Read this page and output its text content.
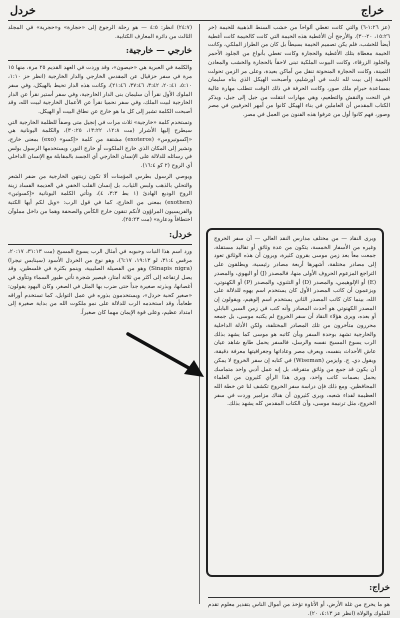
خراج
خردل

(عز ١:٢٦-٦) والتي كانت تغطي ألواحاً من خشب السنط الذهبية للخيمة (خر ١٥:٢٦، ٢٠-٣٠). والأرجح أن الأغطية هذه الخيمة التي كانت كالخيمة كانت أغطية أيضاً للخشب، فلم يكن تصميم الخيمة بسيطاً بل كان من الطراز الملكي، وكانت الخيمة مغطاة بتلك الأغطية والحجارة وكانت تغطي بأنواع من الجلود الأحمر والجلود الزرقاء، وكانت البيوت الملكية تبنى لاحقاً بالحجارة والخشب والمعادن الثمينة، وكانت الحجارة المنحوتة تنقل من أماكن بعيدة، وعلى مر الزمن تحولت الخيمة إلى بيت لله ثابت في أورشليم، وأصبحت الهيكل الذي بناه سليمان بمساعدة حيرام ملك صور، وكانت الحرفة في ذلك الوقت تتطلب مهارة عالية في النحت والنقش والتطعيم، وهي مهارات انتقلت من جيل إلى جيل، ويذكر الكتاب المقدس أن العاملين في بناء الهيكل كانوا من أمهر الحرفيين في مصر وصور، فهم كانوا أول من عرفوا هذه الفنون من العمل في مصر.

ويرى النقاد — من مختلف مدارس النقد العالي — أن سفر الخروج وغيره من الأسفار الخمسة، يتكون من عدة وثائق أو تقاليد مستقلة، جمعت معاً بعد زمن موسى بقرون كثيرة، ويرون أن هذه الوثائق تعود إلى مصادر مختلفة، أشهرها أربعة مصادر رئيسية، ويطلقون على التراجع المزعوم الحروف الأولى منها، فالمصدر (J) أو اليهوي، والمصدر (E) أو الإلوهيمي، والمصدر (D) أو التثنوي، والمصدر (P) أو الكهنوتي، ويزعمون أن كاتب المصدر الأول كان يستخدم اسم يهوه للدلالة على الله، بينما كان كاتب المصدر الثاني يستخدم اسم إلوهيم، ويقولون إن المصدر الكهنوتي هو أحدث المصادر وأنه كتب في زمن السبي البابلي أو بعده، ويرى هؤلاء النقاد أن سفر الخروج لم يكتبه موسى، بل جمعه محررون متأخرون من تلك المصادر المختلفة، ولكن الأدلة الداخلية والخارجية تشهد بوحدة السفر وبأن كاتبه هو موسى كما يشهد بذلك الرب يسوع المسيح نفسه والرسل، فالسفر يحمل طابع شاهد عيان عاش الأحداث بنفسه، ويعرف مصر وعاداتها وجغرافيتها معرفة دقيقة، ويقول دي. ج. وايزمن (Wiseman) في كتابه إن سفر الخروج لا يمكن أن يكون قد جمع من وثائق متفرقة، بل إنه عمل أدبي واحد متماسك يحمل بصمات كاتب واحد، ويرى هذا الرأي كثيرون من العلماء المحافظين. ومع ذلك فإن دراسة سفر الخروج تكشف لنا عن خطة الله العظيمة لفداء شعبه، ويرى كثيرون أن هناك مزامير وردت في سفر الخروج، مثل ترنيمة موسى، وأن الكتاب المقدس كله يشهد بذلك.
خراج:
هو ما يخرج من غلة الأرض، أو الأتاوة تؤخذ من أموال الناس بتقدير معلوم تقدم للملوك والولاة (انظر عز ٤:١٣، ٢٠).

(٢٤:٧) انظر: ٤:٥ — هو رحلة الرجوع إلى «حجارة» و«حجرية» في المجلد الثالث من دائرة المعارف الكتابية.

خارجي — خارجية:

والكلمة في العبرية هي «حيصون»، وقد وردت في العهد القديم ٢٥ مرة، منها ١٥ مرة في سفر حزقيال عن المقدس الخارجي والدار الخارجية (انظر حز ١:١٠، ٥:١٠، ٢٠:٤١، ٣:٤٢، ٣٧:٤٦، ٢١:٤٦)، وكانت هذه الدار تحيط بالهيكل، وفي سفر الملوك الأول نقرأ أن سليمان بنى الدار الخارجية، وفي سفر أستير نقرأ عن الدار الخارجية لبيت الملك، وفي سفر نحميا نقرأ عن الأعمال الخارجية لبيت الله، وقد أصبحت الكلمة تشير إلى كل ما هو خارج عن نطاق البيت أو الهيكل.

وتستخدم كلمة «خارجية» ثلاث مرات في إنجيل متى وصفاً للظلمة الخارجية التي سيطرح إليها الأشرار (مت ١٢:٨، ١٣:٢٢، ٣٠:٢٥)، والكلمة اليونانية هي «إكسوتيروس» (exoteros) مشتقة من كلمة «إكسو» (exo) بمعنى خارج، وتشير إلى المكان الذي خارج الملكوت أو خارج النور، ويستخدمها الرسول بولس في رسائله للدلالة على الإنسان الخارجي أي الجسد بالمقابلة مع الإنسان الداخلي أي الروح (٢ كو ١٦:٤).

ويوصي الرسول بطرس المؤمنات ألا تكون زينتهن الخارجية من ضفر الشعر والتحلي بالذهب ولبس الثياب، بل إنسان القلب الخفي في العديمة الفساد زينة الروح الوديع الهادئ (١ بط ٣:٣، ٤)، وتأتي الكلمة اليونانية «إكسوثين» (exothen) بمعنى من الخارج، كما في قول الرب: «ويل لكم أيها الكتبة والفريسيون المراؤون لأنكم تنقون خارج الكأس والصحفة وهما من داخل مملوآن اختطافاً ودعارة» (مت ٢٥:٢٣).

خردل:

ورد اسم هذا النبات وحبوبه في أمثال الرب يسوع المسيح (مت ٣١:١٣، ٢٠:١٧، مرقس ٣١:٤، لو ١٩:١٣، ٦:١٧)، وهو نوع من الخردل الأسود (سينابس نيجرا) (Sinapis nigra) وهو من الفصيلة الصليبية، وينمو بكثرة في فلسطين، وقد يصل ارتفاعه إلى أكثر من ثلاثة أمتار، فيصير شجرة تأتي طيور السماء وتتآوى في أغصانها، وبذرته صغيرة جداً حتى ضرب بها المثل في الصغر، وكان اليهود يقولون: «صغير كحبة خردل»، ويستخدمون بذوره في عمل التوابل، كما تستخدم أوراقه طعاماً، وقد استخدمه الرب للدلالة على نمو ملكوت الله من بداية صغيرة إلى امتداد عظيم، وعلى قوة الإيمان مهما كان صغيراً.
